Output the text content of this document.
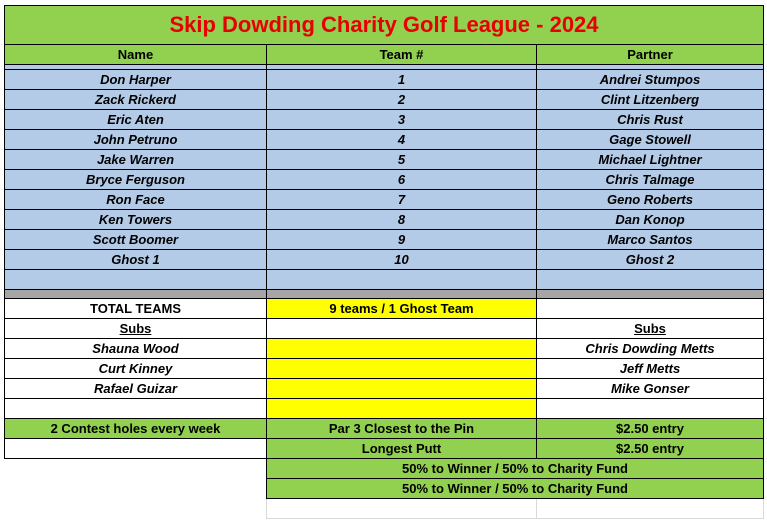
Skip Dowding Charity Golf League - 2024		
Name	Team #	Partner

Don Harper	1	Andrei Stumpos
Zack Rickerd	2	Clint Litzenberg
Eric Aten	3	Chris Rust
John Petruno	4	Gage Stowell
Jake Warren	5	Michael Lightner
Bryce Ferguson	6	Chris Talmage
Ron Face	7	Geno Roberts
Ken Towers	8	Dan Konop
Scott Boomer	9	Marco Santos
Ghost 1	10	Ghost 2

TOTAL TEAMS	9 teams / 1 Ghost Team	
Subs		Subs
Shauna Wood		Chris Dowding Metts
Curt Kinney		Jeff Metts
Rafael Guizar		Mike Gonser

2 Contest holes every week	Par 3 Closest to the Pin	$2.50 entry
	Longest Putt	$2.50 entry
	50% to Winner / 50% to Charity Fund	
	50% to Winner / 50% to Charity Fund	
